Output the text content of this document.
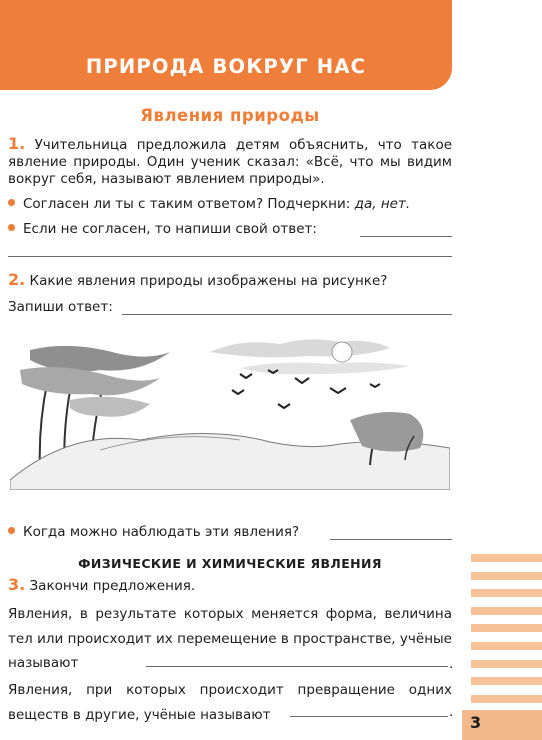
ПРИРОДА ВОКРУГ НАС
Явления природы
1. Учительница предложила детям объяснить, что такое явление природы. Один ученик сказал: «Всё, что мы видим вокруг себя, называют явлением природы».
Согласен ли ты с таким ответом? Подчеркни: да, нет.
Если не согласен, то напиши свой ответ:
2. Какие явления природы изображены на рисунке?
Запиши ответ:
Когда можно наблюдать эти явления?
ФИЗИЧЕСКИЕ И ХИМИЧЕСКИЕ ЯВЛЕНИЯ
3. Закончи предложения.
Явления, в результате которых меняется форма, величина тел или происходит их перемещение в пространстве, учёные называют	.
Явления, при которых происходит превращение одних веществ в другие, учёные называют	.
3
